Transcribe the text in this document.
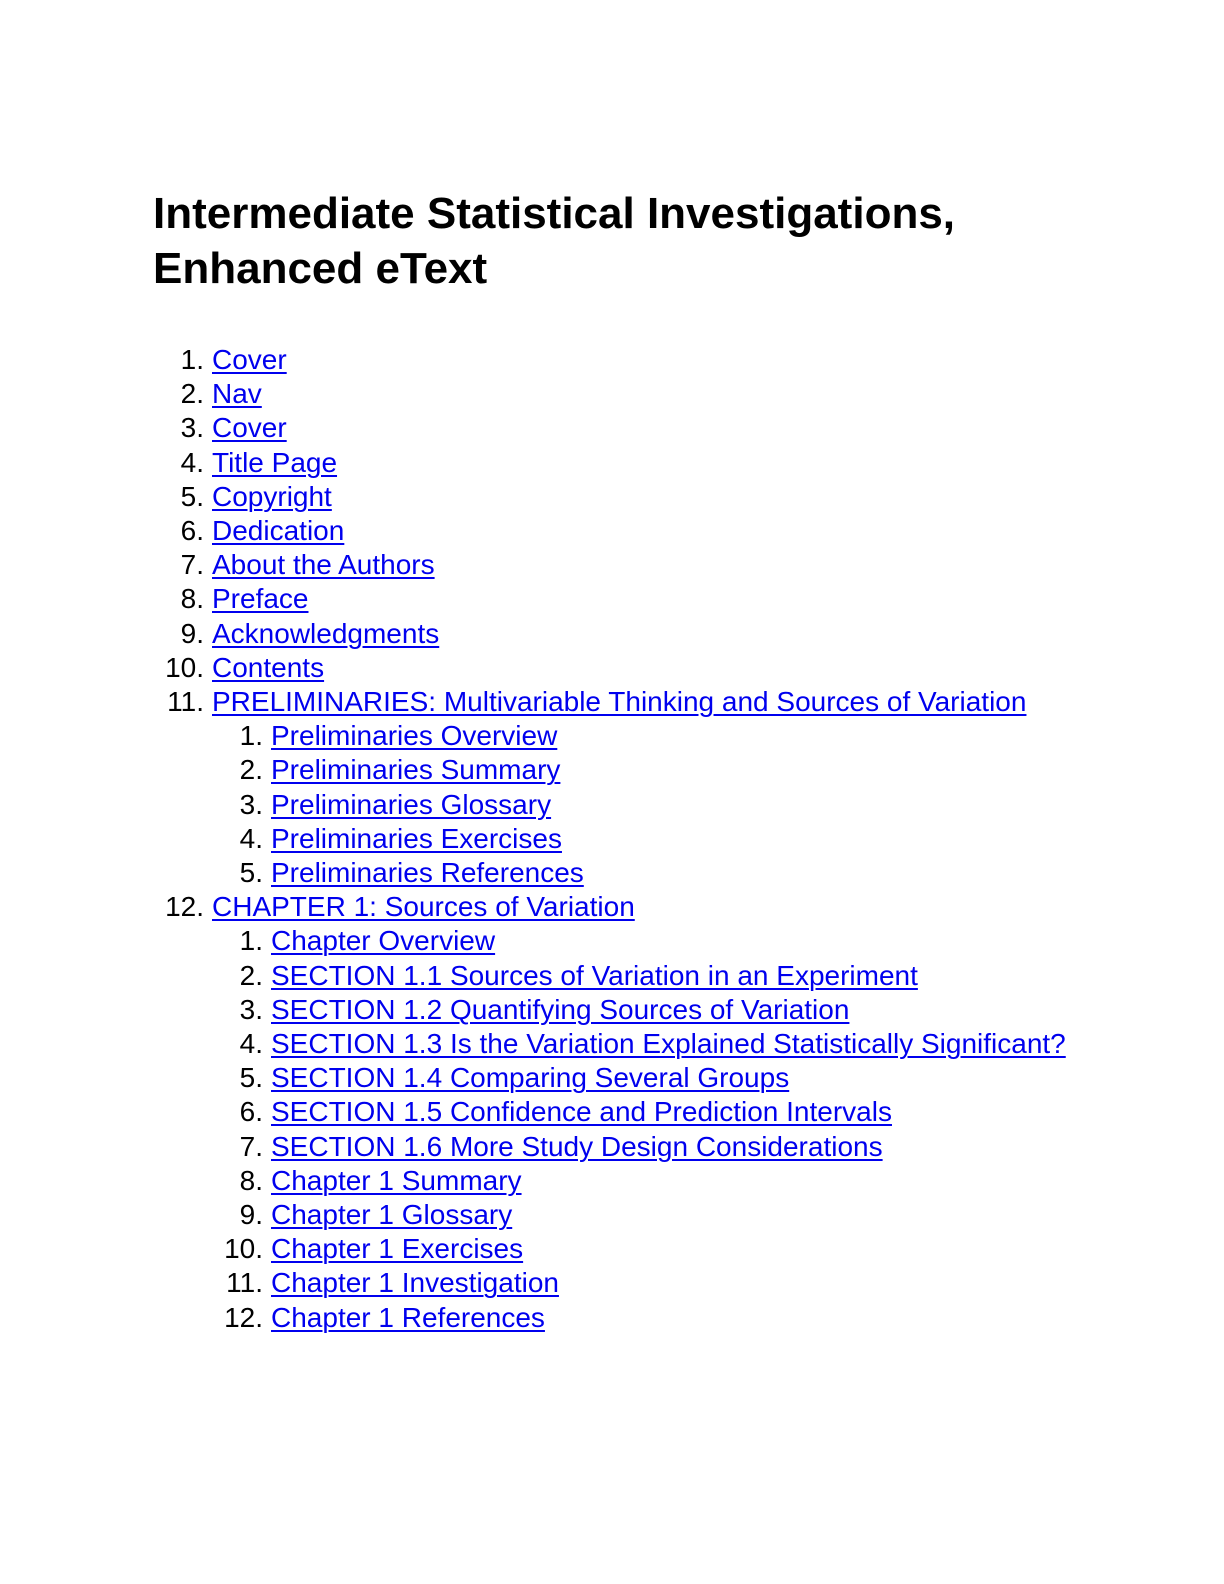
Intermediate Statistical Investigations, Enhanced eText
1. Cover
2. Nav
3. Cover
4. Title Page
5. Copyright
6. Dedication
7. About the Authors
8. Preface
9. Acknowledgments
10. Contents
11. PRELIMINARIES: Multivariable Thinking and Sources of Variation
1. Preliminaries Overview
2. Preliminaries Summary
3. Preliminaries Glossary
4. Preliminaries Exercises
5. Preliminaries References
12. CHAPTER 1: Sources of Variation
1. Chapter Overview
2. SECTION 1.1 Sources of Variation in an Experiment
3. SECTION 1.2 Quantifying Sources of Variation
4. SECTION 1.3 Is the Variation Explained Statistically Significant?
5. SECTION 1.4 Comparing Several Groups
6. SECTION 1.5 Confidence and Prediction Intervals
7. SECTION 1.6 More Study Design Considerations
8. Chapter 1 Summary
9. Chapter 1 Glossary
10. Chapter 1 Exercises
11. Chapter 1 Investigation
12. Chapter 1 References
